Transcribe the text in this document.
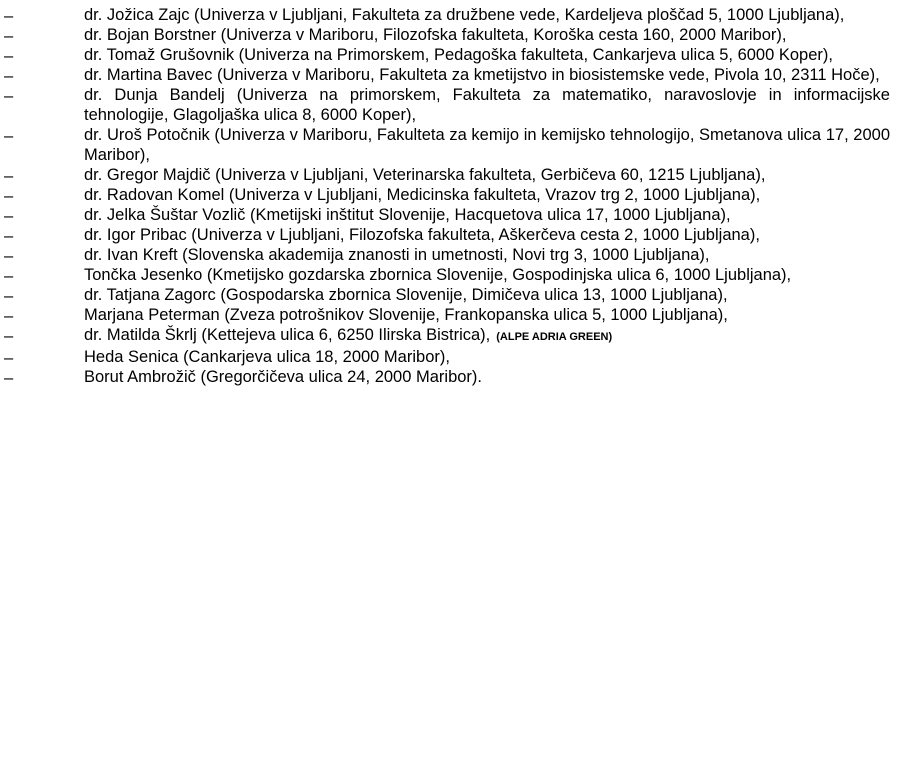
–	dr. Jožica Zajc (Univerza v Ljubljani, Fakulteta za družbene vede, Kardeljeva ploščad 5, 1000 Ljubljana),
–	dr. Bojan Borstner (Univerza v Mariboru, Filozofska fakulteta, Koroška cesta 160, 2000 Maribor),
–	dr. Tomaž Grušovnik (Univerza na Primorskem, Pedagoška fakulteta, Cankarjeva ulica 5, 6000 Koper),
–	dr. Martina Bavec (Univerza v Mariboru, Fakulteta za kmetijstvo in biosistemske vede, Pivola 10, 2311 Hoče),
–	dr. Dunja Bandelj (Univerza na primorskem, Fakulteta za matematiko, naravoslovje in informacijske tehnologije, Glagoljaška ulica 8, 6000 Koper),
–	dr. Uroš Potočnik (Univerza v Mariboru, Fakulteta za kemijo in kemijsko tehnologijo, Smetanova ulica 17, 2000 Maribor),
–	dr. Gregor Majdič (Univerza v Ljubljani, Veterinarska fakulteta, Gerbičeva 60, 1215 Ljubljana),
–	dr. Radovan Komel (Univerza v Ljubljani, Medicinska fakulteta, Vrazov trg 2, 1000 Ljubljana),
–	dr. Jelka Šuštar Vozlič (Kmetijski inštitut Slovenije, Hacquetova ulica 17, 1000 Ljubljana),
–	dr. Igor Pribac (Univerza v Ljubljani, Filozofska fakulteta, Aškerčeva cesta 2, 1000 Ljubljana),
–	dr. Ivan Kreft (Slovenska akademija znanosti in umetnosti, Novi trg 3, 1000 Ljubljana),
–	Tončka Jesenko (Kmetijsko gozdarska zbornica Slovenije, Gospodinjska ulica 6, 1000 Ljubljana),
–	dr. Tatjana Zagorc (Gospodarska zbornica Slovenije, Dimičeva ulica 13, 1000 Ljubljana),
–	Marjana Peterman (Zveza potrošnikov Slovenije, Frankopanska ulica 5, 1000 Ljubljana),
–	dr. Matilda Škrlj (Kettejeva ulica 6, 6250 Ilirska Bistrica), (ALPE ADRIA GREEN)
–	Heda Senica (Cankarjeva ulica 18, 2000 Maribor),
–	Borut Ambrožič (Gregorčičeva ulica 24, 2000 Maribor).
